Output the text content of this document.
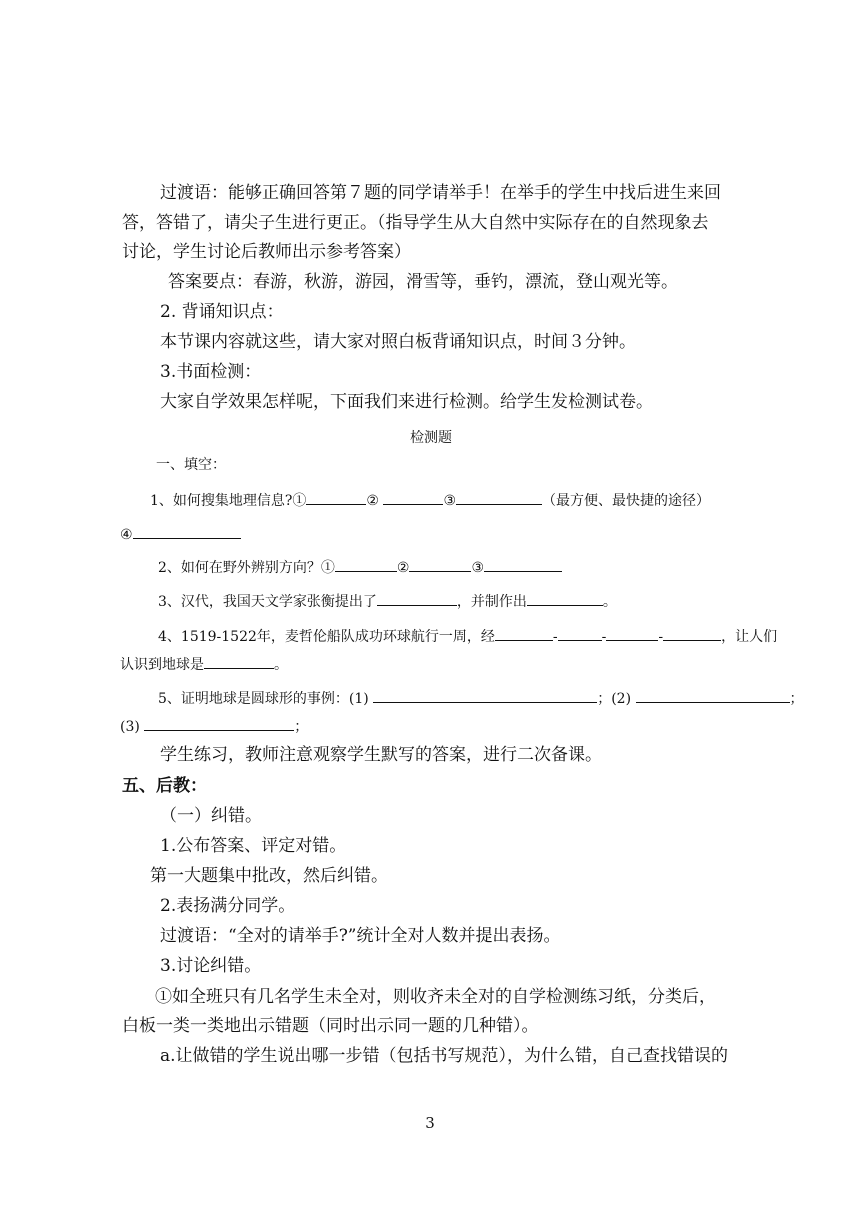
过渡语：能够正确回答第７题的同学请举手！在举手的学生中找后进生来回
答，答错了，请尖子生进行更正。（指导学生从大自然中实际存在的自然现象去
讨论，学生讨论后教师出示参考答案）
答案要点：春游，秋游，游园，滑雪等，垂钓，漂流，登山观光等。
2. 背诵知识点：
本节课内容就这些，请大家对照白板背诵知识点，时间３分钟。
3.书面检测：
大家自学效果怎样呢，下面我们来进行检测。给学生发检测试卷。
检测题
一、填空：
1、如何搜集地理信息?①	②	③	（最方便、最快捷的途径）
④
2、如何在野外辨别方向？①	②	③
3、汉代，我国天文学家张衡提出了	，并制作出	。
4、1519-1522年，麦哲伦船队成功环球航行一周，经	-	-	-	，让人们
认识到地球是	。
5、证明地球是圆球形的事例：(1)	；(2)	；
(3)	；
学生练习，教师注意观察学生默写的答案，进行二次备课。
五、后教：
（一）纠错。
1.公布答案、评定对错。
第一大题集中批改，然后纠错。
2.表扬满分同学。
过渡语：“全对的请举手?”统计全对人数并提出表扬。
3.讨论纠错。
①如全班只有几名学生未全对，则收齐未全对的自学检测练习纸，分类后，
白板一类一类地出示错题（同时出示同一题的几种错）。
a.让做错的学生说出哪一步错（包括书写规范），为什么错，自己查找错误的
3
